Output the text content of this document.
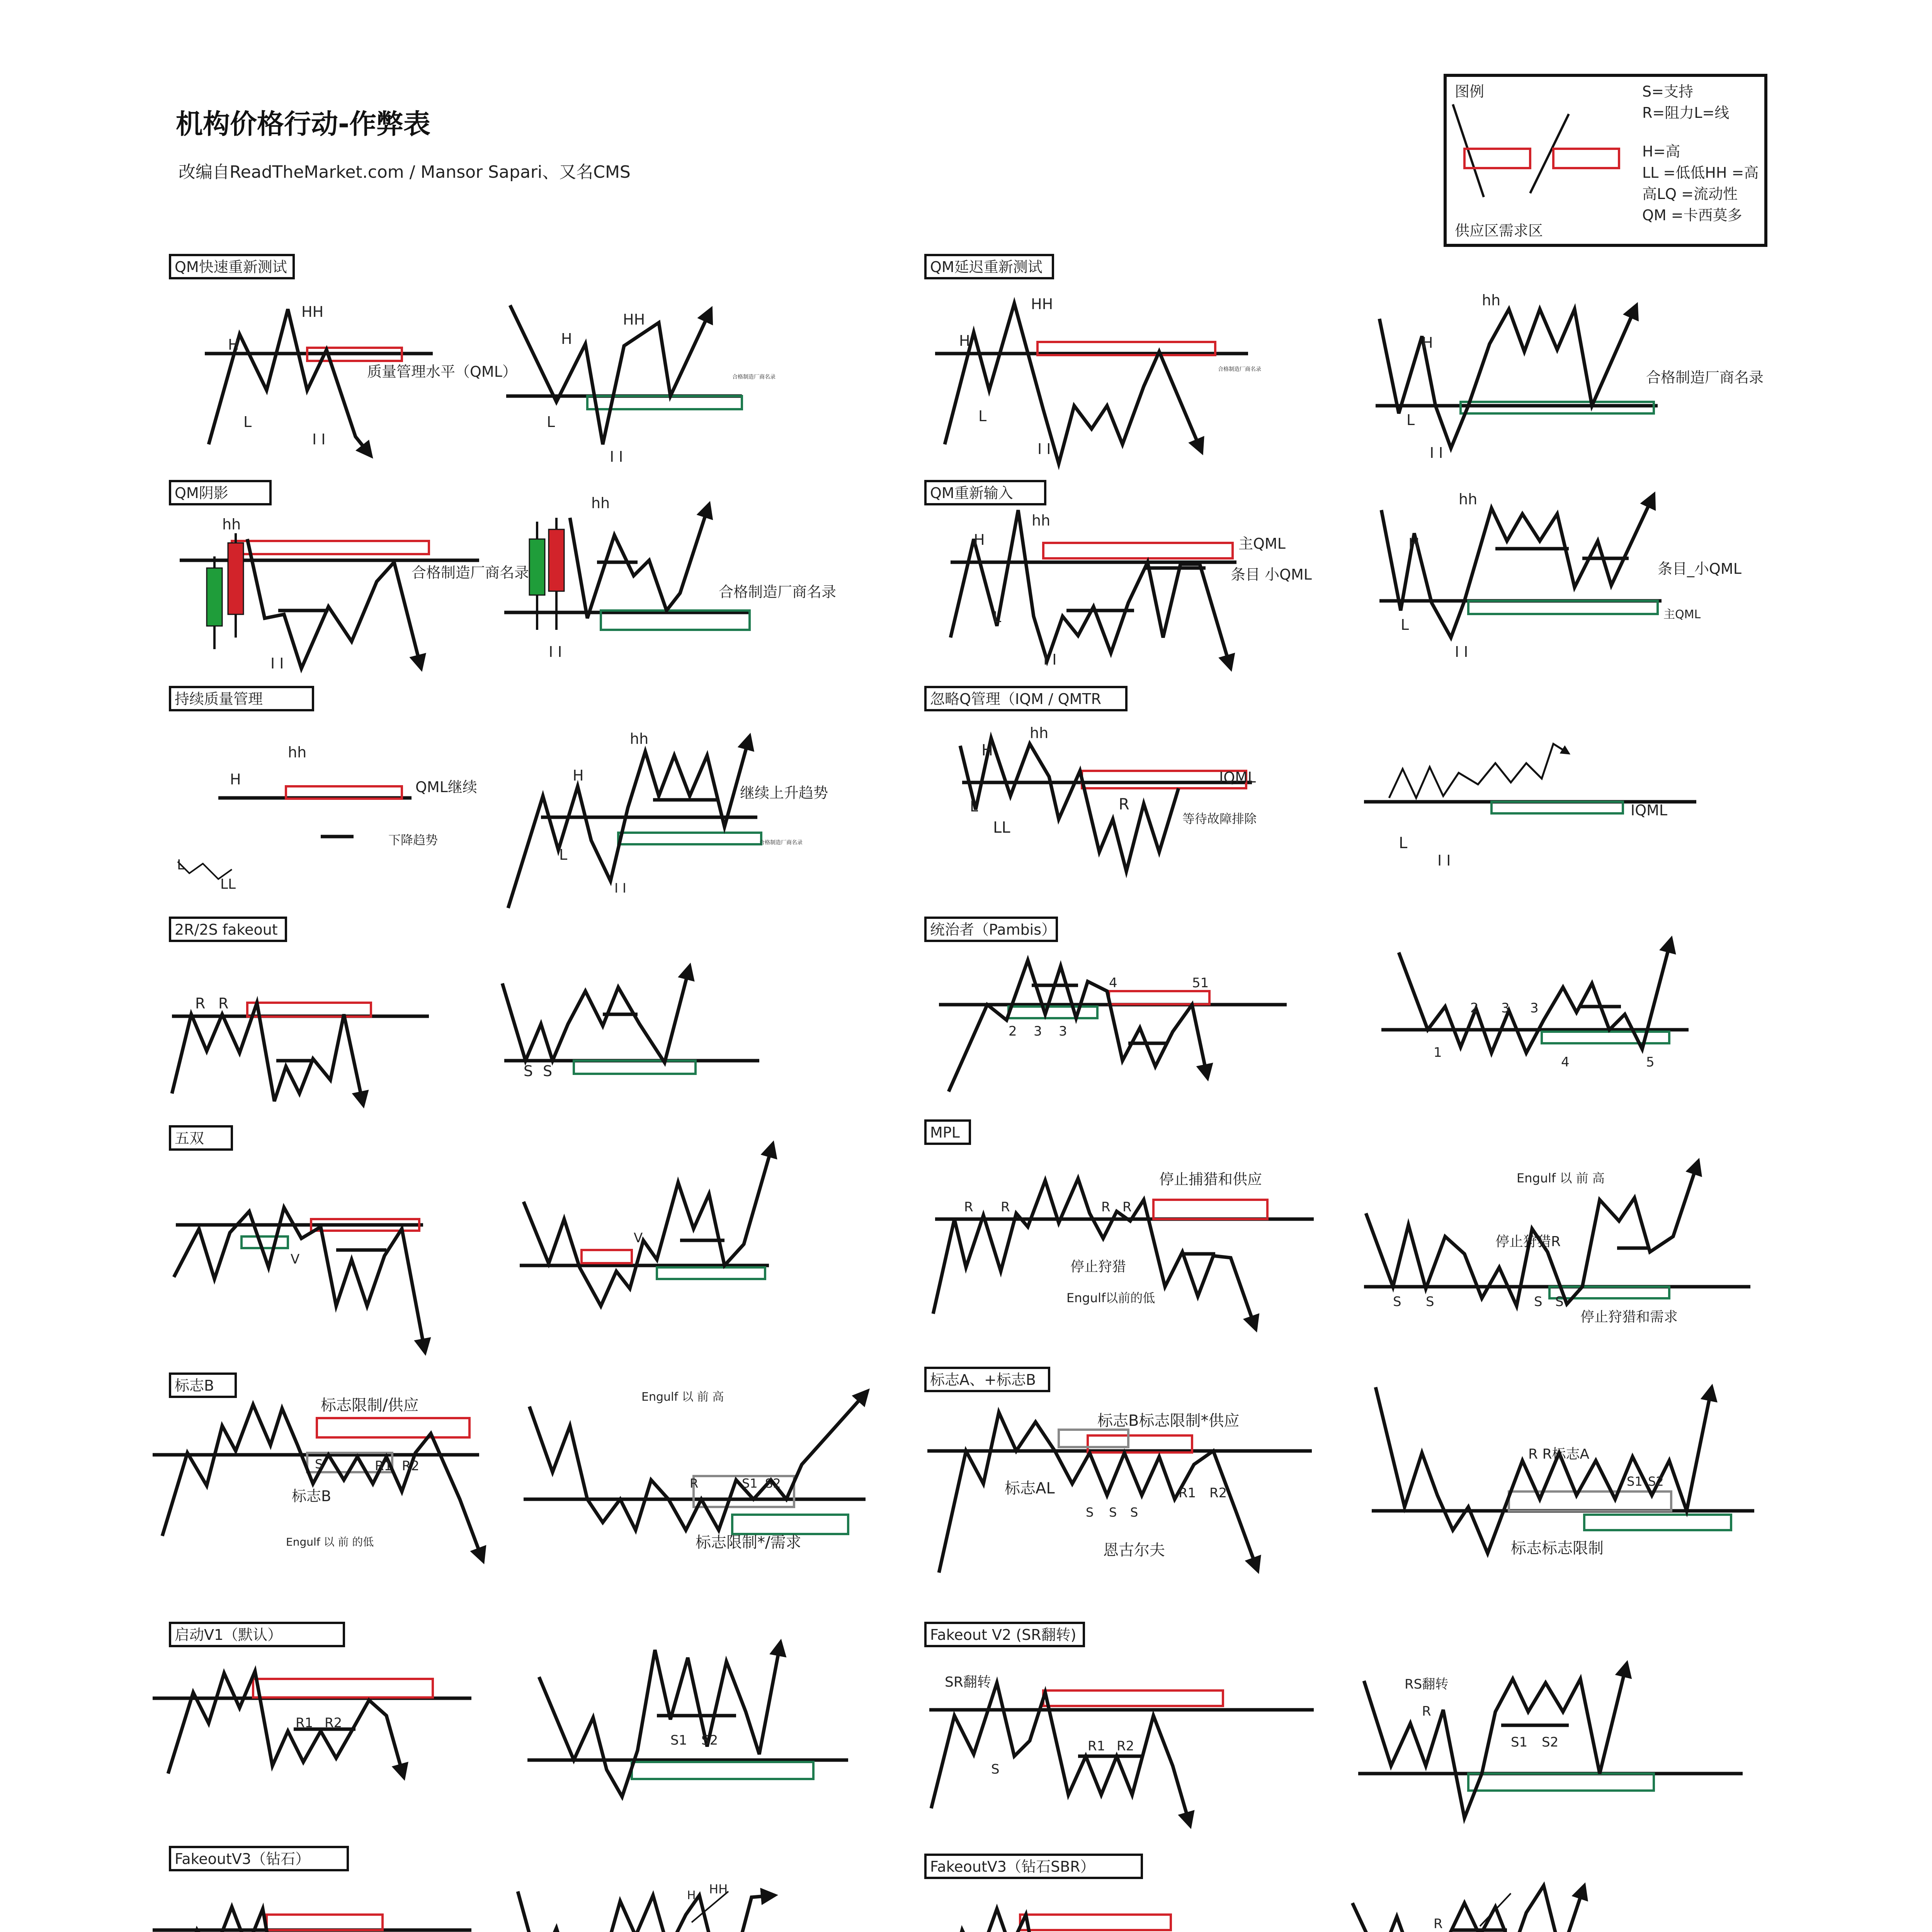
机构价格行动-作弊表
改编自ReadTheMarket.com / Mansor Sapari、又名CMS
图例	S=支持
R=阻力L=线
H=高
LL =低低HH =高
高LQ =流动性
QM =卡西莫多
供应区需求区
QM快速重新测试	QM延迟重新测试
QM阴影	QM重新输入
持续质量管理	忽略Q管理（IQM / QMTR
2R/2S fakeout	统治者（Pambis）
五双	MPL
标志B	标志A、+标志B
启动V1（默认）	Fakeout V2 (SR翻转)
FakeoutV3（钻石）	FakeoutV3（钻石SBR）
H
HH
L
I I
质量管理水平（QML）
H
HH
L
I I
合格制造厂商名录
H
HH
L
I I
合格制造厂商名录
H
hh
L
I I
合格制造厂商名录
hh
I I
合格制造厂商名录
hh
I I
合格制造厂商名录
H
hh
L
I I
主QML
条目 小QML
H
hh
L
I I
条目_小QML
主QML
H
hh
QML继续
下降趋势
LL
L
H
hh
L
I I
继续上升趋势
合格制造厂商名录
H
hh
L
LL
R
IQML
等待故障排除	IQML
L
I I
R R
S S
2 3 3
4	51
1
2 3 3
4	5
V
V
R R	R R
停止捕猎和供应
停止狩猎
Engulf以前的低	S S	S S
Engulf 以 前 高
停止狩猎R
停止狩猎和需求
S	R1 R2
标志限制/供应
标志B
Engulf 以 前 的低
R	S1 S2
Engulf 以 前 高
标志限制*/需求
S S S
R1 R2
标志B标志限制*供应
标志AL
恩古尔夫
R R标志A
S1 S2
标志标志限制
R1 R2
S1 S2
SR翻转
S
R1 R2
RS翻转
R
S1 S2
H HH
R
